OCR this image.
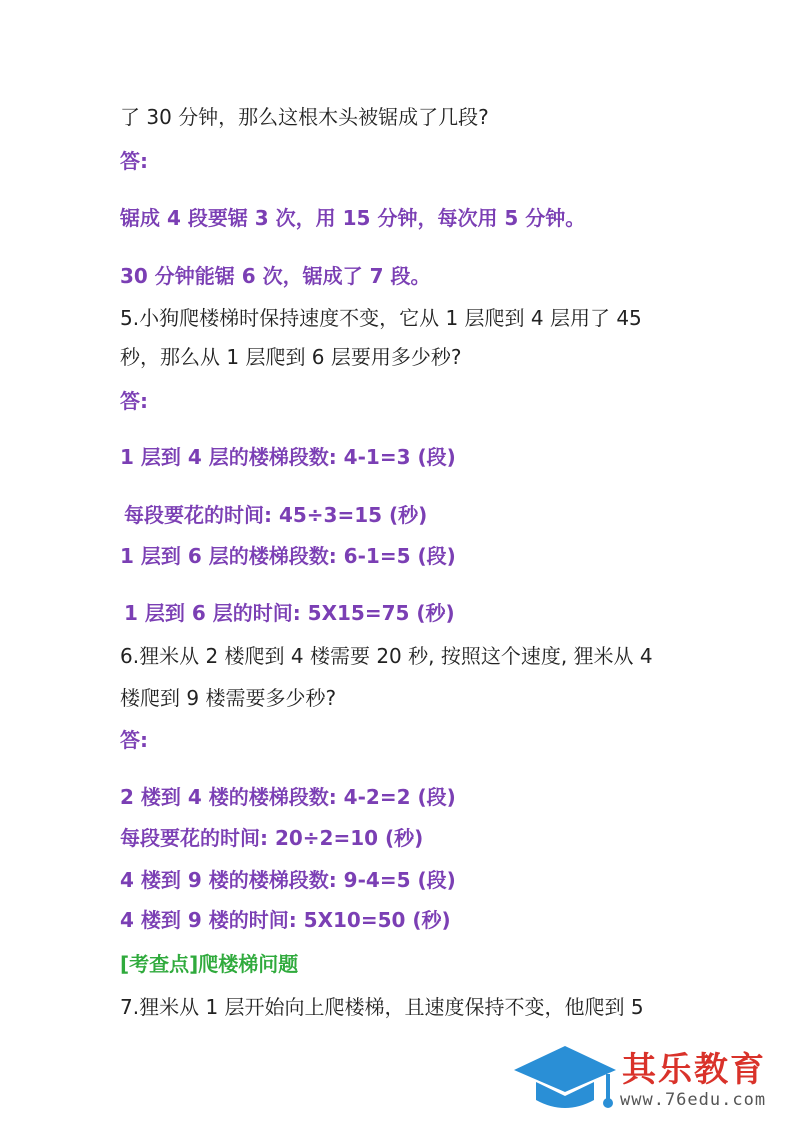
了 30 分钟，那么这根木头被锯成了几段?
答:
锯成 4 段要锯 3 次，用 15 分钟，每次用 5 分钟。
30 分钟能锯 6 次，锯成了 7 段。
5.小狗爬楼梯时保持速度不变，它从 1 层爬到 4 层用了 45
秒，那么从 1 层爬到 6 层要用多少秒?
答:
1 层到 4 层的楼梯段数: 4-1=3 (段)
每段要花的时间: 45÷3=15 (秒)
1 层到 6 层的楼梯段数: 6-1=5 (段)
1 层到 6 层的时间: 5X15=75 (秒)
6.狸米从 2 楼爬到 4 楼需要 20 秒, 按照这个速度, 狸米从 4
楼爬到 9 楼需要多少秒?
答:
2 楼到 4 楼的楼梯段数: 4-2=2 (段)
每段要花的时间: 20÷2=10 (秒)
4 楼到 9 楼的楼梯段数: 9-4=5 (段)
4 楼到 9 楼的时间: 5X10=50 (秒)
[考查点]爬楼梯问题
7.狸米从 1 层开始向上爬楼梯，且速度保持不变，他爬到 5
其乐教育
www.76edu.com
